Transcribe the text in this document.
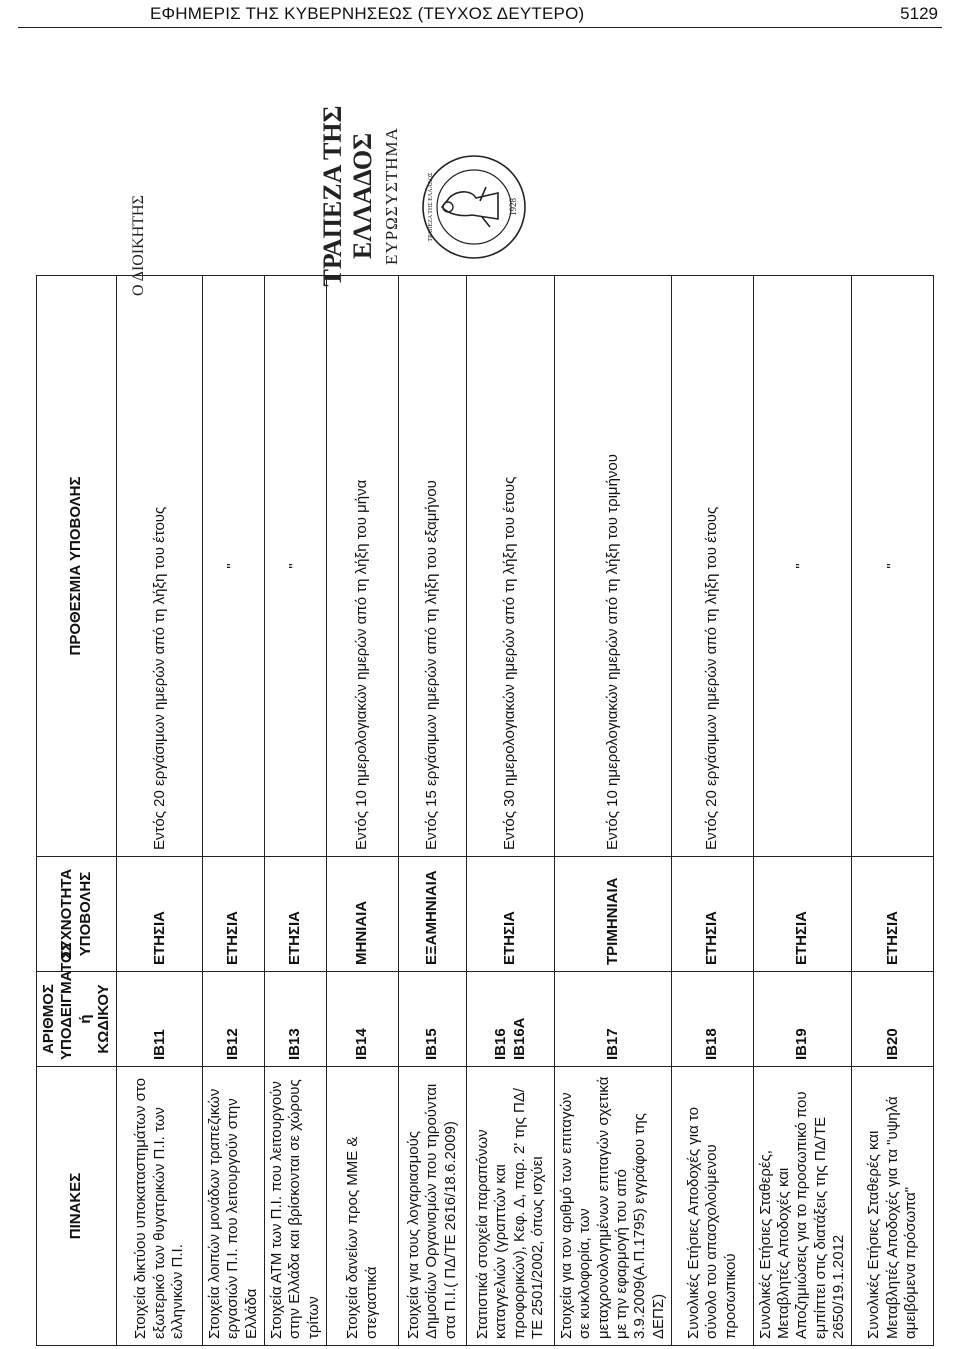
ΕΦΗΜΕΡΙΣ ΤΗΣ ΚΥΒΕΡΝΗΣΕΩΣ (ΤΕΥΧΟΣ ΔΕΥΤΕΡΟ)	5129
ΠΙΝΑΚΕΣ	ΑΡΙΘΜΟΣ ΥΠΟΔΕΙΓΜΑΤΟΣ ή ΚΩΔΙΚΟΥ	ΣΥΧΝΟΤΗΤΑ ΥΠΟΒΟΛΗΣ	ΠΡΟΘΕΣΜΙΑ ΥΠΟΒΟΛΗΣ
Στοιχεία δικτύου υποκαταστημάτων στο εξωτερικό των θυγατρικών Π.Ι. των ελληνικών Π.Ι.	IB11	ΕΤΗΣΙΑ	Εντός 20 εργάσιμων ημερών από τη λήξη του έτους
Στοιχεία λοιπών μονάδων τραπεζικών εργασιών Π.Ι. που λειτουργούν στην Ελλάδα	IB12	ΕΤΗΣΙΑ	"
Στοιχεία ΑΤΜ των Π.Ι. που λειτουργούν στην Ελλάδα και βρίσκονται σε χώρους τρίτων	IB13	ΕΤΗΣΙΑ	"
Στοιχεία δανείων προς ΜΜΕ & στεγαστικά	IB14	ΜΗΝΙΑΙΑ	Εντός 10 ημερολογιακών ημερών από τη λήξη του μήνα
Στοιχεία για τους λογαριασμούς Δημοσίων Οργανισμών που τηρούνται στα Π.Ι.( ΠΔ/ΤΕ 2616/18.6.2009)	IB15	ΕΞΑΜΗΝΙΑΙΑ	Εντός 15 εργάσιμων ημερών από τη λήξη του εξαμήνου
Στατιστικά στοιχεία παραπόνων καταγγελιών (γραπτών και προφορικών), Κεφ. Δ, παρ. 2' της ΠΔ/ΤΕ 2501/2002, όπως ισχύει	IB16 IB16A	ΕΤΗΣΙΑ	Εντός 30 ημερολογιακών ημερών από τη λήξη του έτους
Στοιχεία για τον αριθμό των επιταγών σε κυκλοφορία, των μεταχρονολογημένων επιταγών σχετικά με την εφαρμογή του από 3.9.2009(Α.Π.1795) εγγράφου της ΔΕΠΣ)	IB17	ΤΡΙΜΗΝΙΑΙΑ	Εντός 10 ημερολογιακών ημερών από τη λήξη του τριμήνου
Συνολικές Ετήσιες Αποδοχές για το σύνολο του απασχολούμενου προσωπικού	IB18	ΕΤΗΣΙΑ	Εντός 20 εργάσιμων ημερών από τη λήξη του έτους
Συνολικές Ετήσιες Σταθερές, Μεταβλητές Αποδοχές και Αποζημιώσεις για το προσωπικό που εμπίπτει στις διατάξεις της ΠΔ/ΤΕ 2650/19.1.2012	IB19	ΕΤΗΣΙΑ	"
Συνολικές Ετήσιες Σταθερές και Μεταβλητές Αποδοχές για τα "υψηλά αμειβόμενα πρόσωπα"	IB20	ΕΤΗΣΙΑ	"
Ο ΔΙΟΙΚΗΤΗΣ	ΤΡΑΠΕΖΑ ΤΗΣ ΕΛΛΑΔΟΣ ΕΥΡΩΣΥΣΤΗΜΑ	1928
ΤΡΑΠΕΖΑ ΤΗΣ ΕΛΛΑΔΟΣ
